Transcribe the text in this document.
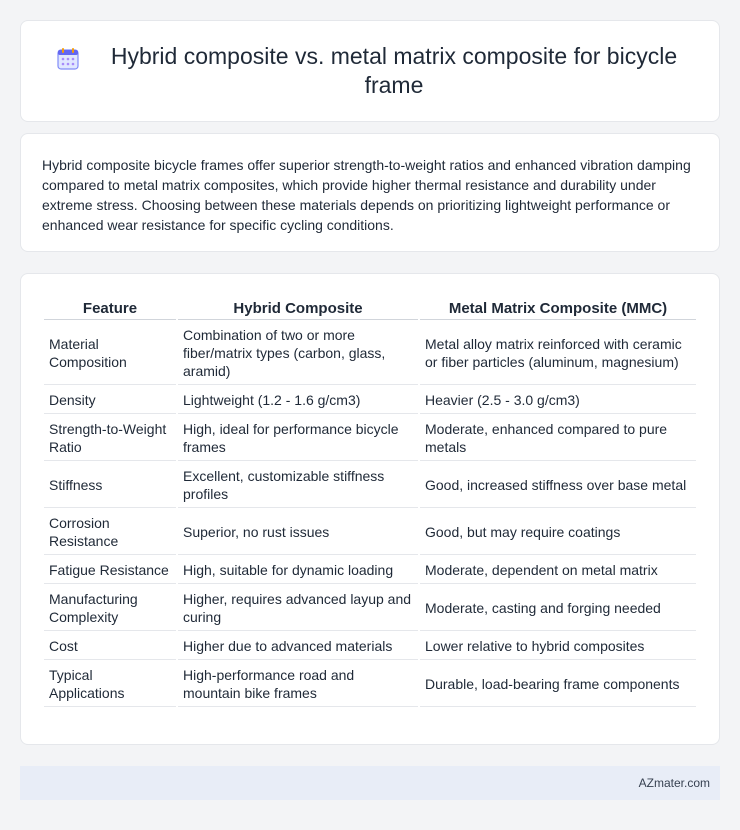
Hybrid composite vs. metal matrix composite for bicycle frame

Hybrid composite bicycle frames offer superior strength-to-weight ratios and enhanced vibration damping compared to metal matrix composites, which provide higher thermal resistance and durability under extreme stress. Choosing between these materials depends on prioritizing lightweight performance or enhanced wear resistance for specific cycling conditions.

Feature	Hybrid Composite	Metal Matrix Composite (MMC)
Material Composition	Combination of two or more fiber/matrix types (carbon, glass, aramid)	Metal alloy matrix reinforced with ceramic or fiber particles (aluminum, magnesium)
Density	Lightweight (1.2 - 1.6 g/cm3)	Heavier (2.5 - 3.0 g/cm3)
Strength-to-Weight Ratio	High, ideal for performance bicycle frames	Moderate, enhanced compared to pure metals
Stiffness	Excellent, customizable stiffness profiles	Good, increased stiffness over base metal
Corrosion Resistance	Superior, no rust issues	Good, but may require coatings
Fatigue Resistance	High, suitable for dynamic loading	Moderate, dependent on metal matrix
Manufacturing Complexity	Higher, requires advanced layup and curing	Moderate, casting and forging needed
Cost	Higher due to advanced materials	Lower relative to hybrid composites
Typical Applications	High-performance road and mountain bike frames	Durable, load-bearing frame components
AZmater.com
